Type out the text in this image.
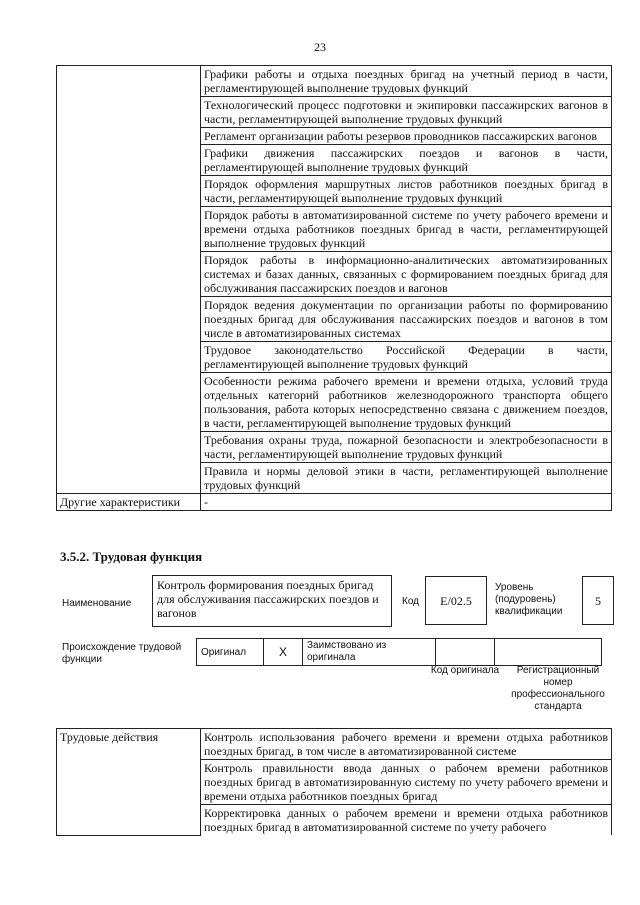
23
	Графики работы и отдыха поездных бригад на учетный период в части, регламентирующей выполнение трудовых функций
	Технологический процесс подготовки и экипировки пассажирских вагонов в части, регламентирующей выполнение трудовых функций
	Регламент организации работы резервов проводников пассажирских вагонов
	Графики движения пассажирских поездов и вагонов в части, регламентирующей выполнение трудовых функций
	Порядок оформления маршрутных листов работников поездных бригад в части, регламентирующей выполнение трудовых функций
	Порядок работы в автоматизированной системе по учету рабочего времени и времени отдыха работников поездных бригад в части, регламентирующей выполнение трудовых функций
	Порядок работы в информационно-аналитических автоматизированных системах и базах данных, связанных с формированием поездных бригад для обслуживания пассажирских поездов и вагонов
	Порядок ведения документации по организации работы по формированию поездных бригад для обслуживания пассажирских поездов и вагонов в том числе в автоматизированных системах
	Трудовое законодательство Российской Федерации в части, регламентирующей выполнение трудовых функций
	Особенности режима рабочего времени и времени отдыха, условий труда отдельных категорий работников железнодорожного транспорта общего пользования, работа которых непосредственно связана с движением поездов, в части, регламентирующей выполнение трудовых функций
	Требования охраны труда, пожарной безопасности и электробезопасности в части, регламентирующей выполнение трудовых функций
	Правила и нормы деловой этики в части, регламентирующей выполнение трудовых функций
Другие характеристики	-
3.5.2. Трудовая функция
Наименование
Контроль формирования поездных бригад для обслуживания пассажирских поездов и вагонов
Код	E/02.5
Уровень (подуровень) квалификации
5
Происхождение трудовой функции
Оригинал	X	Заимствовано из оригинала		
Код оригинала	Регистрационный номер профессионального стандарта
Трудовые действия	Контроль использования рабочего времени и времени отдыха работников поездных бригад, в том числе в автоматизированной системе
Контроль правильности ввода данных о рабочем времени работников поездных бригад в автоматизированную систему по учету рабочего времени и времени отдыха работников поездных бригад
Корректировка данных о рабочем времени и времени отдыха работников поездных бригад в автоматизированной системе по учету рабочего
